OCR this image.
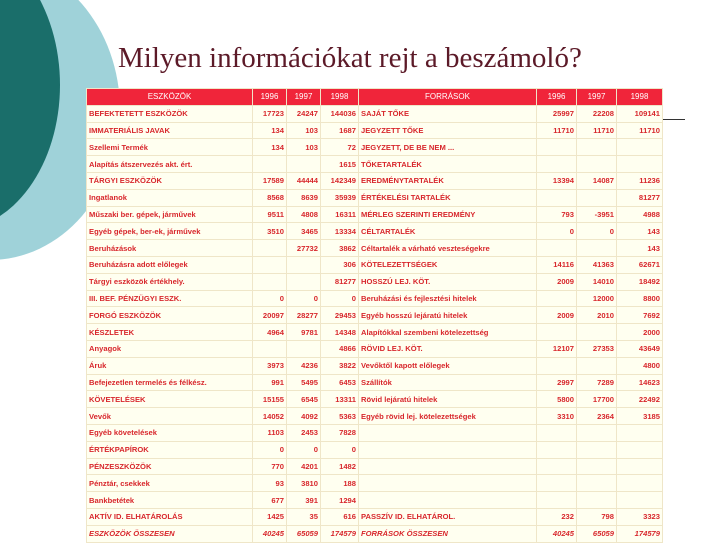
Milyen információkat rejt a beszámoló?
ESZKÖZÖK	1996	1997	1998	FORRÁSOK	1996	1997	1998
BEFEKTETETT ESZKÖZÖK	17723	24247	144036	SAJÁT TŐKE	25997	22208	109141
IMMATERIÁLIS JAVAK	134	103	1687	JEGYZETT TŐKE	11710	11710	11710
Szellemi Termék	134	103	72	JEGYZETT, DE BE NEM ...			
Alapítás átszervezés akt. ért.			1615	TŐKETARTALÉK			
TÁRGYI ESZKÖZÖK	17589	44444	142349	EREDMÉNYTARTALÉK	13394	14087	11236
Ingatlanok	8568	8639	35939	ÉRTÉKELÉSI TARTALÉK			81277
Műszaki ber. gépek, járművek	9511	4808	16311	MÉRLEG SZERINTI EREDMÉNY	793	-3951	4988
Egyéb gépek, ber-ek, járművek	3510	3465	13334	CÉLTARTALÉK	0	0	143
Beruházások		27732	3862	Céltartalék a várható veszteségekre			143
Beruházásra adott előlegek			306	KÖTELEZETTSÉGEK	14116	41363	62671
Tárgyi eszközök értékhely.			81277	HOSSZÚ LEJ. KÖT.	2009	14010	18492
III. BEF. PÉNZÜGYI ESZK.	0	0	0	Beruházási és fejlesztési hitelek		12000	8800
FORGÓ ESZKÖZÖK	20097	28277	29453	Egyéb hosszú lejáratú hitelek	2009	2010	7692
KÉSZLETEK	4964	9781	14348	Alapítókkal szembeni kötelezettség			2000
Anyagok			4866	RÖVID LEJ. KÖT.	12107	27353	43649
Áruk	3973	4236	3822	Vevőktől kapott előlegek			4800
Befejezetlen termelés és félkész.	991	5495	6453	Szállítók	2997	7289	14623
KÖVETELÉSEK	15155	6545	13311	Rövid lejáratú hitelek	5800	17700	22492
Vevők	14052	4092	5363	Egyéb rövid lej. kötelezettségek	3310	2364	3185
Egyéb követelések	1103	2453	7828				
ÉRTÉKPAPÍROK	0	0	0				
PÉNZESZKÖZÖK	770	4201	1482				
Pénztár, csekkek	93	3810	188				
Bankbetétek	677	391	1294				
AKTÍV ID. ELHATÁROLÁS	1425	35	616	PASSZÍV ID. ELHATÁROL.	232	798	3323
ESZKÖZÖK ÖSSZESEN	40245	65059	174579	FORRÁSOK ÖSSZESEN	40245	65059	174579
